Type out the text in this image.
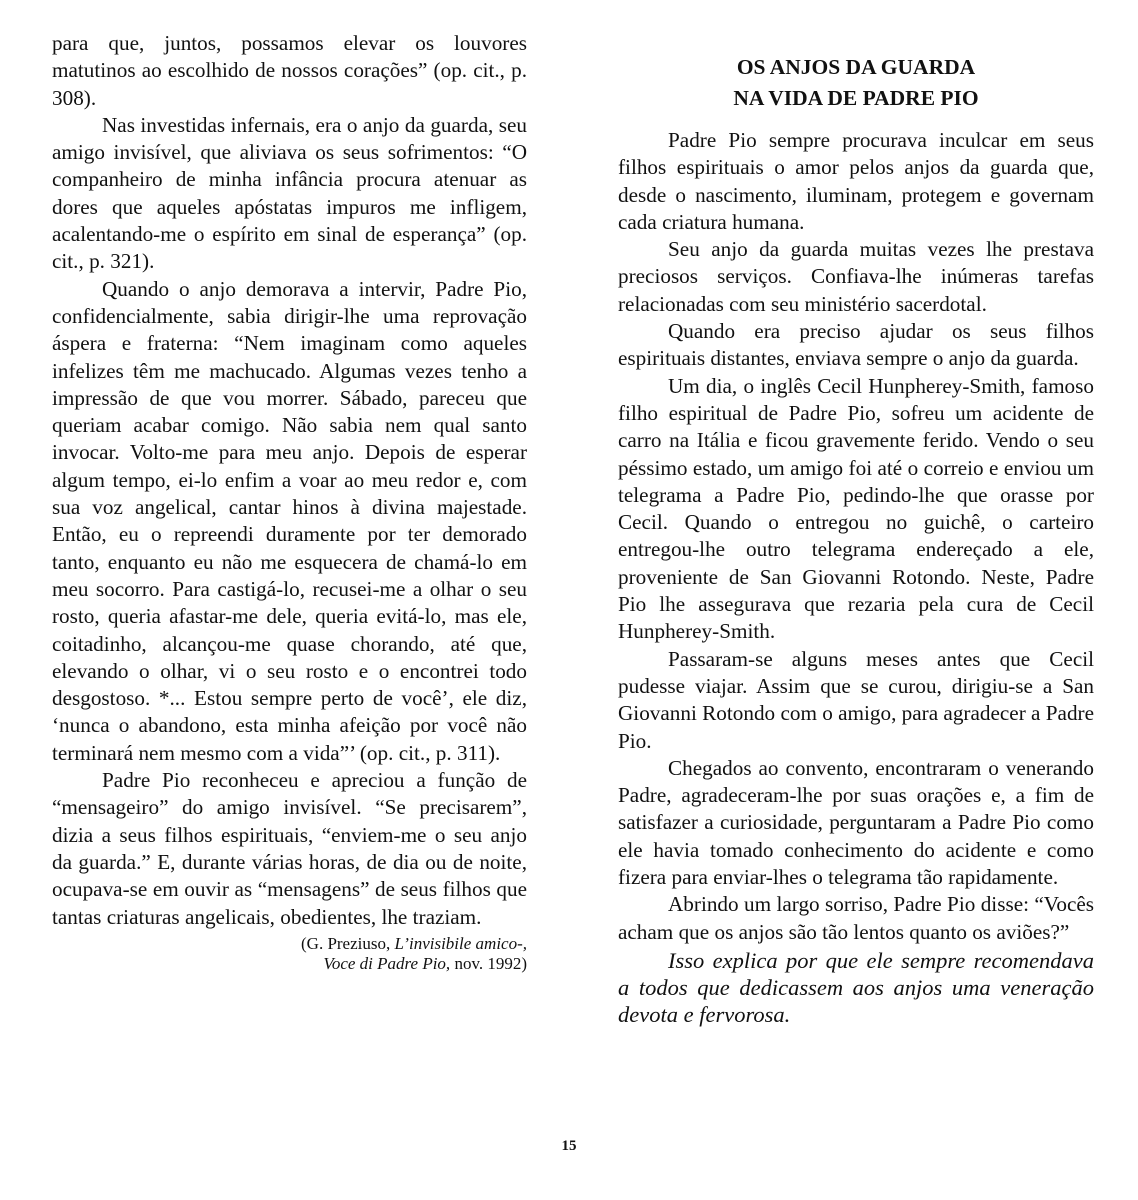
para que, juntos, possamos elevar os louvores matutinos ao escolhido de nossos corações” (op. cit., p. 308).

Nas investidas infernais, era o anjo da guarda, seu amigo invisível, que aliviava os seus sofrimentos: “O companheiro de minha infância procura atenuar as dores que aqueles apóstatas impuros me infligem, acalentando-me o espírito em sinal de esperança” (op. cit., p. 321).

Quando o anjo demorava a intervir, Padre Pio, confidencialmente, sabia dirigir-lhe uma reprovação áspera e fraterna: “Nem imaginam como aqueles infelizes têm me machucado. Algumas vezes tenho a impressão de que vou morrer. Sábado, pareceu que queriam acabar comigo. Não sabia nem qual santo invocar. Volto-me para meu anjo. Depois de esperar algum tempo, ei-lo enfim a voar ao meu redor e, com sua voz angelical, cantar hinos à divina majestade. Então, eu o repreendi duramente por ter demorado tanto, enquanto eu não me esquecera de chamá-lo em meu socorro. Para castigá-lo, recusei-me a olhar o seu rosto, queria afastar-me dele, queria evitá-lo, mas ele, coitadinho, alcançou-me quase chorando, até que, elevando o olhar, vi o seu rosto e o encontrei todo desgostoso. *... Estou sempre perto de você’, ele diz, ‘nunca o abandono, esta minha afeição por você não terminará nem mesmo com a vida”’ (op. cit., p. 311).

Padre Pio reconheceu e apreciou a função de “mensageiro” do amigo invisível. “Se precisarem”, dizia a seus filhos espirituais, “enviem-me o seu anjo da guarda.” E, durante várias horas, de dia ou de noite, ocupava-se em ouvir as “mensagens” de seus filhos que tantas criaturas angelicais, obedientes, lhe traziam.

(G. Preziuso, L’invisibile amico-,
Voce di Padre Pio, nov. 1992)
OS ANJOS DA GUARDA
NA VIDA DE PADRE PIO

Padre Pio sempre procurava inculcar em seus filhos espirituais o amor pelos anjos da guarda que, desde o nascimento, iluminam, protegem e governam cada criatura humana.

Seu anjo da guarda muitas vezes lhe prestava preciosos serviços. Confiava-lhe inúmeras tarefas relacionadas com seu ministério sacerdotal.

Quando era preciso ajudar os seus filhos espirituais distantes, enviava sempre o anjo da guarda.

Um dia, o inglês Cecil Hunpherey-Smith, famoso filho espiritual de Padre Pio, sofreu um acidente de carro na Itália e ficou gravemente ferido. Vendo o seu péssimo estado, um amigo foi até o correio e enviou um telegrama a Padre Pio, pedindo-lhe que orasse por Cecil. Quando o entregou no guichê, o carteiro entregou-lhe outro telegrama endereçado a ele, proveniente de San Giovanni Rotondo. Neste, Padre Pio lhe assegurava que rezaria pela cura de Cecil Hunpherey-Smith.

Passaram-se alguns meses antes que Cecil pudesse viajar. Assim que se curou, dirigiu-se a San Giovanni Rotondo com o amigo, para agradecer a Padre Pio.

Chegados ao convento, encontraram o venerando Padre, agradeceram-lhe por suas orações e, a fim de satisfazer a curiosidade, perguntaram a Padre Pio como ele havia tomado conhecimento do acidente e como fizera para enviar-lhes o telegrama tão rapidamente.

Abrindo um largo sorriso, Padre Pio disse: “Vocês acham que os anjos são tão lentos quanto os aviões?”

Isso explica por que ele sempre recomendava a todos que dedicassem aos anjos uma veneração devota e fervorosa.

15
